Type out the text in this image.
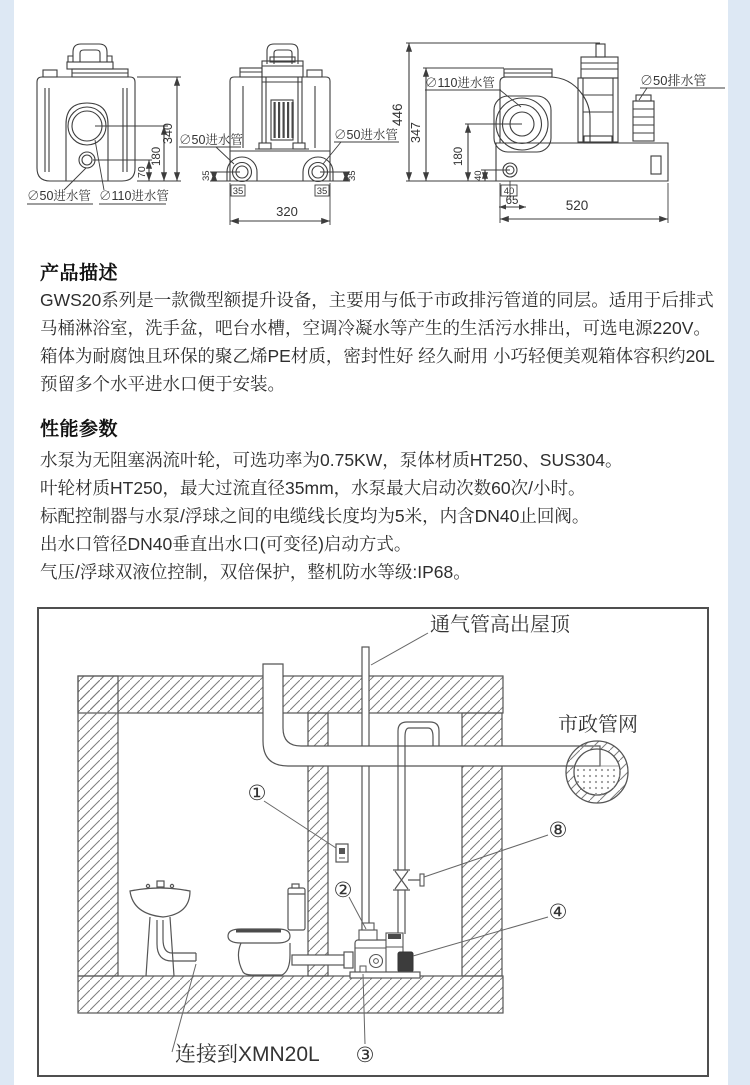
340
180
70
∅50进水管 ∅110进水管
35	35
35	35
320
∅50进水管	∅50进水管
446
347
180
40
40
65	520
∅110进水管	∅50排水管
产品描述
GWS20系列是一款微型额提升设备，主要用与低于市政排污管道的同层。适用于后排式
马桶淋浴室，洗手盆，吧台水槽，空调冷凝水等产生的生活污水排出，可选电源220V。
箱体为耐腐蚀且环保的聚乙烯PE材质，密封性好 经久耐用 小巧轻便美观箱体容积约20L
预留多个水平进水口便于安装。
性能参数
水泵为无阻塞涡流叶轮，可选功率为0.75KW，泵体材质HT250、SUS304。
叶轮材质HT250，最大过流直径35mm，水泵最大启动次数60次/小时。
标配控制器与水泵/浮球之间的电缆线长度均为5米，内含DN40止回阀。
出水口管径DN40垂直出水口(可变径)启动方式。
气压/浮球双液位控制，双倍保护，整机防水等级:IP68。
①
②
③
④
⑧
通气管高出屋顶
市政管网
连接到XMN20L
